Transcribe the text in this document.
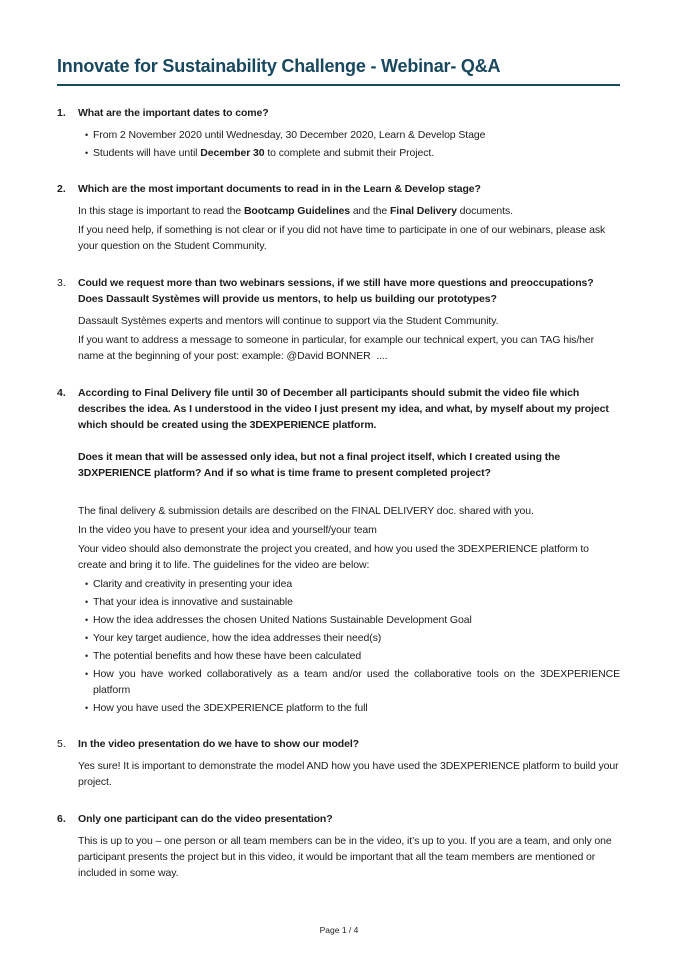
Innovate for Sustainability Challenge - Webinar- Q&A
1.	What are the important dates to come?

• From 2 November 2020 until Wednesday, 30 December 2020, Learn & Develop Stage
• Students will have until December 30 to complete and submit their Project.
2.	Which are the most important documents to read in in the Learn & Develop stage?

In this stage is important to read the Bootcamp Guidelines and the Final Delivery documents.

If you need help, if something is not clear or if you did not have time to participate in one of our webinars, please ask your question on the Student Community.

3.	Could we request more than two webinars sessions, if we still have more questions and preoccupations?  Does Dassault Systèmes will provide us mentors, to help us building our prototypes?

Dassault Systèmes experts and mentors will continue to support via the Student Community.

If you want to address a message to someone in particular, for example our technical expert, you can TAG his/her name at the beginning of your post: example: @David BONNER  ....

4.	According to Final Delivery file until 30 of December all participants should submit the video file which describes the idea. As I understood in the video I just present my idea, and what, by myself about my project which should be created using the 3DEXPERIENCE platform.

Does it mean that will be assessed only idea, but not a final project itself, which I created using the 3DXPERIENCE platform? And if so what is time frame to present completed project?

The final delivery & submission details are described on the FINAL DELIVERY doc. shared with you.

In the video you have to present your idea and yourself/your team

Your video should also demonstrate the project you created, and how you used the 3DEXPERIENCE platform to create and bring it to life. The guidelines for the video are below:

• Clarity and creativity in presenting your idea
• That your idea is innovative and sustainable
• How the idea addresses the chosen United Nations Sustainable Development Goal
• Your key target audience, how the idea addresses their need(s)
• The potential benefits and how these have been calculated
• How you have worked collaboratively as a team and/or used the collaborative tools on the 3DEXPERIENCE platform
• How you have used the 3DEXPERIENCE platform to the full
5.	In the video presentation do we have to show our model?

Yes sure! It is important to demonstrate the model AND how you have used the 3DEXPERIENCE platform to build your project.

6.	Only one participant can do the video presentation?

This is up to you – one person or all team members can be in the video, it’s up to you. If you are a team, and only one participant presents the project but in this video, it would be important that all the team members are mentioned or included in some way.

Page 1 / 4
